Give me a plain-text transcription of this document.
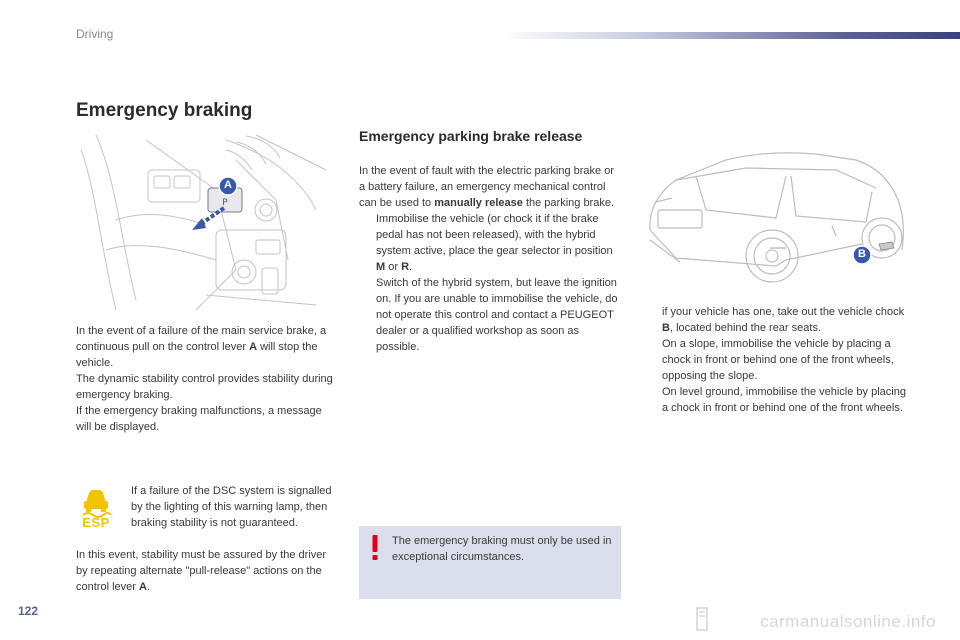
Driving
Emergency braking
P
A

In the event of a failure of the main service brake, a continuous pull on the control lever A will stop the vehicle.

The dynamic stability control provides stability during emergency braking.

If the emergency braking malfunctions, a message will be displayed.

ESP
If a failure of the DSC system is signalled by the lighting of this warning lamp, then braking stability is not guaranteed.
In this event, stability must be assured by the driver by repeating alternate "pull-release" actions on the control lever A.
Emergency parking brake release

In the event of fault with the electric parking brake or a battery failure, an emergency mechanical control can be used to manually release the parking brake.

Immobilise the vehicle (or chock it if the brake pedal has not been released), with the hybrid system active, place the gear selector in position M or R.
Switch of the hybrid system, but leave the ignition on. If you are unable to immobilise the vehicle, do not operate this control and contact a PEUGEOT dealer or a qualified workshop as soon as possible.
The emergency braking must only be used in exceptional circumstances.
B
if your vehicle has one, take out the vehicle chock B, located behind the rear seats.
On a slope, immobilise the vehicle by placing a chock in front or behind one of the front wheels, opposing the slope.
On level ground, immobilise the vehicle by placing a chock in front or behind one of the front wheels.
122
carmanualsonline.info
